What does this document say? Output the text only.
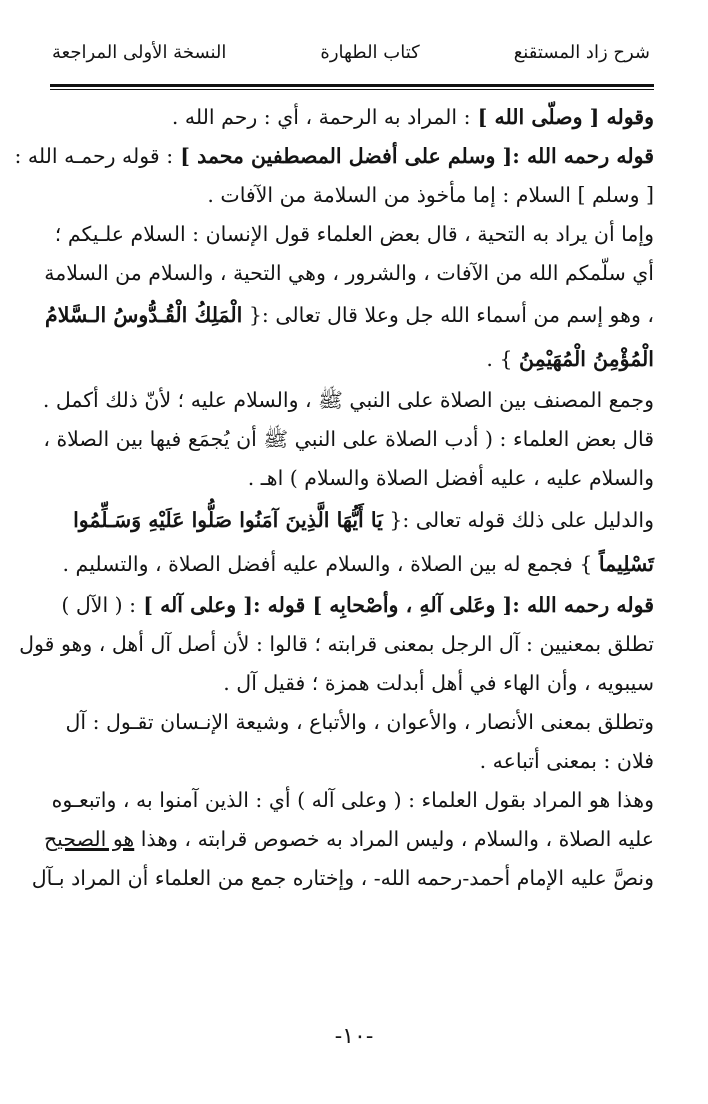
شرح زاد المستقنع
كتاب الطهارة
النسخة الأولى المراجعة
وقوله [ وصلّى الله ] : المراد به الرحمة ، أي : رحم الله .
قوله رحمه الله :[ وسلم على أفضل المصطفين محمد ] : قوله رحمـه الله :
[ وسلم ] السلام : إما مأخوذ من السلامة من الآفات .
وإما أن يراد به التحية ، قال بعض العلماء قول الإنسان : السلام علـيكم ؛
أي سلّمكم الله من الآفات ، والشرور ، وهي التحية ، والسلام من السلامة
، وهو إسم من أسماء الله جل وعلا قال تعالى :{ الْمَلِكُ الْقُـدُّوسُ الـسَّلامُ
الْمُؤْمِنُ الْمُهَيْمِنُ } .
وجمع المصنف بين الصلاة على النبي ﷺ ، والسلام عليه ؛ لأنّ ذلك أكمل .
قال بعض العلماء : ( أدب الصلاة على النبي ﷺ أن يُجمَع فيها بين الصلاة ،
والسلام عليه ، عليه أفضل الصلاة والسلام ) اهـ .
والدليل على ذلك قوله تعالى :{ يَا أَيُّهَا الَّذِينَ آمَنُوا صَلُّوا عَلَيْهِ وَسَـلِّمُوا
تَسْلِيماً } فجمع له بين الصلاة ، والسلام عليه أفضل الصلاة ، والتسليم .
قوله رحمه الله :[ وعَلى آلهِ ، وأصْحابِه ] قوله :[ وعلى آله ] : ( الآل )
تطلق بمعنيين : آل الرجل بمعنى قرابته ؛ قالوا : لأن أصل آل أهل ، وهو قول
سيبويه ، وأن الهاء في أهل أبدلت همزة ؛ فقيل آل .
وتطلق بمعنى الأنصار ، والأعوان ، والأتباع ، وشيعة الإنـسان تقـول : آل
فلان : بمعنى أتباعه .
وهذا هو المراد بقول العلماء : ( وعلى آله ) أي : الذين آمنوا به ، واتبعـوه
عليه الصلاة ، والسلام ، وليس المراد به خصوص قرابته ، وهذا هو الصحيح
ونصَّ عليه الإمام أحمد-رحمه الله- ، وإختاره جمع من العلماء أن المراد بـآل
-١٠-
